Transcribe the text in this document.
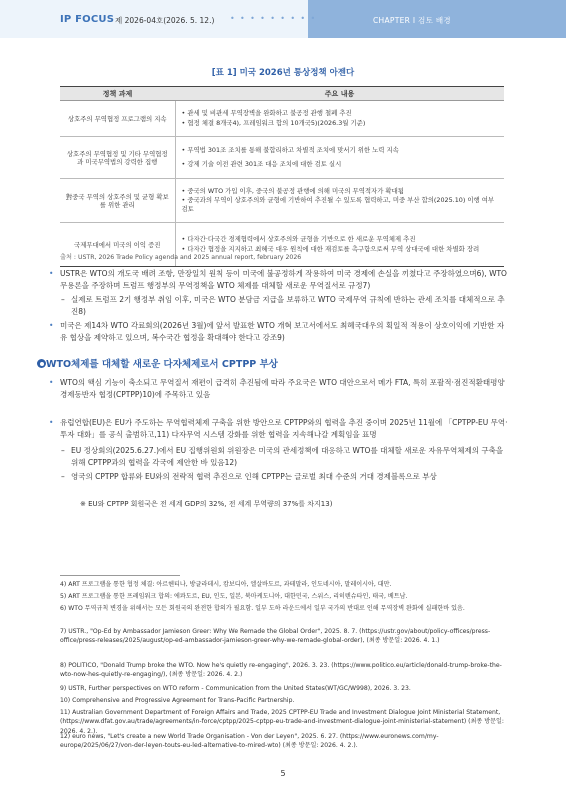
IP FOCUS 제 2026-04호(2026. 5. 12.) • • • • • • • • •	CHAPTER Ⅰ 검토 배경
[표 1] 미국 2026년 통상정책 아젠다
정책 과제	주요 내용
상호주의 무역협정 프로그램의 지속	• 관세 및 비관세 무역장벽을 완화하고 불공정 관행 철폐 추진
• 협정 체결 8개국4), 프레임워크 합의 10개국5)(2026.3월 기준)

상호주의 무역협정 및 기타 무역협정과 미국무역법의 강력한 집행	• 무역법 301조 조치를 통해 불합리하고 차별적 조치에 맞서기 위한 노력 지속
• 강제 기술 이전 관련 301조 대응 조치에 대한 검토 실시

對중국 무역의 상호주의 및 균형 확보를 위한 관리	• 중국의 WTO 가입 이후, 중국의 불공정 관행에 의해 미국의 무역적자가 확대됨
• 중국과의 무역이 상호주의와 균형에 기반하여 추진될 수 있도록 협력하고, 미중 부산 합의(2025.10) 이행 여부 검토

국제무대에서 미국의 이익 증진	• 다자간·다국간 경제협력에서 상호주의와 균형을 기반으로 한 새로운 무역체제 추진
• 다자간 협정을 지지하고 최혜국 대우 원칙에 대한 재검토를 촉구함으로써 무역 상대국에 대한 차별화 장려
출처 : USTR, 2026 Trade Policy agenda and 2025 annual report, february 2026
• USTR은 WTO의 개도국 배려 조항, 만장일치 원칙 등이 미국에 불공정하게 작용하여 미국 경제에 손실을 끼쳤다고 주장하였으며6), WTO 무용론을 주장하며 트럼프 행정부의 무역정책을 WTO 체제를 대체할 새로운 무역질서로 규정7)
– 실제로 트럼프 2기 행정부 취임 이후, 미국은 WTO 분담금 지급을 보류하고 WTO 국제무역 규칙에 반하는 관세 조치를 대체적으로 추진8)
• 미국은 제14차 WTO 각료회의(2026년 3월)에 앞서 발표한 WTO 개혁 보고서에서도 최혜국대우의 획일적 적용이 상호이익에 기반한 자유 협상을 제약하고 있으며, 복수국간 협정을 확대해야 한다고 강조9)
WTO체제를 대체할 새로운 다자체제로서 CPTPP 부상
• WTO의 핵심 기능이 축소되고 무역질서 재편이 급격히 추진됨에 따라 주요국은 WTO 대안으로서 메가 FTA, 특히 포괄적·점진적환태평양경제동반자 협정(CPTPP)10)에 주목하고 있음
• 유럽연합(EU)은 EU가 주도하는 무역협력체제 구축을 위한 방안으로 CPTPP와의 협력을 추진 중이며 2025년 11월에 「CPTPP-EU 무역·투자 대화」를 공식 출범하고,11) 다자무역 시스템 강화를 위한 협력을 지속해나갈 계획임을 표명
– EU 정상회의(2025.6.27.)에서 EU 집행위원회 위원장은 미국의 관세정책에 대응하고 WTO를 대체할 새로운 자유무역체제의 구축을 위해 CPTPP과의 협력을 각국에 제안한 바 있음12)
– 영국의 CPTPP 합류와 EU와의 전략적 협력 추진으로 인해 CPTPP는 글로벌 최대 수준의 거대 경제블록으로 부상
※ EU와 CPTPP 회원국은 전 세계 GDP의 32%, 전 세계 무역량의 37%를 차지13)
4) ART 프로그램을 통한 협정 체결: 아르헨티나, 방글라데시, 캄보디아, 엘살바도르, 과테말라, 인도네시아, 말레이시아, 대만.
5) ART 프로그램을 통한 프레임워크 합의: 에콰도르, EU, 인도, 일본, 북마케도니아, 대한민국, 스위스, 리히텐슈타인, 태국, 베트남.
6) WTO 무역규칙 변경을 위해서는 모든 회원국의 완전한 합의가 필요함. 일부 도하 라운드에서 일부 국가의 반대로 인해 무역장벽 완화에 실패한바 있음.
7) USTR., "Op-Ed by Ambassador Jamieson Greer: Why We Remade the Global Order", 2025. 8. 7. (https://ustr.gov/about/policy-offices/press-office/press-releases/2025/august/op-ed-ambassador-jamieson-greer-why-we-remade-global-order), (최종 방문일: 2026. 4. 1.)
8) POLITICO, "Donald Trump broke the WTO. Now he's quietly re-engaging", 2026. 3. 23. (https://www.politico.eu/article/donald-trump-broke-the-wto-now-hes-quietly-re-engaging/), (최종 방문일: 2026. 4. 2.)
9) USTR, Further perspectives on WTO reform - Communication from the United States(WT/GC/W998), 2026. 3. 23.
10) Comprehensive and Progressive Agreement for Trans-Pacific Partnership.
11) Australian Government Department of Foreign Affairs and Trade, 2025 CPTPP-EU Trade and Investment Dialogue Joint Ministerial Statement, (https://www.dfat.gov.au/trade/agreements/in-force/cptpp/2025-cptpp-eu-trade-and-investment-dialogue-joint-ministerial-statement) (최종 방문일: 2026. 4. 2.).
12) euro news, "Let's create a new World Trade Organisation - Von der Leyen", 2025. 6. 27. (https://www.euronews.com/my-europe/2025/06/27/von-der-leyen-touts-eu-led-alternative-to-mired-wto) (최종 방문일: 2026. 4. 2.).
5
